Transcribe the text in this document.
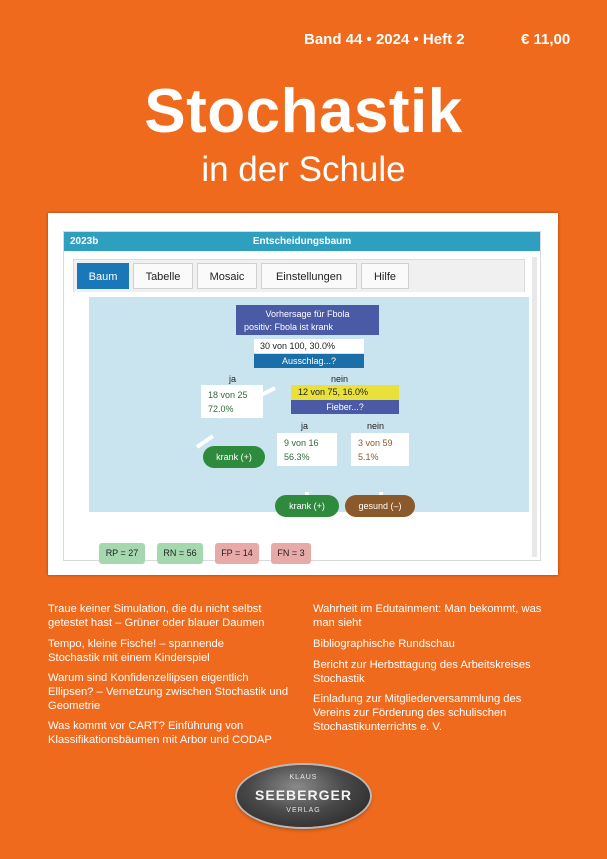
Band 44 • 2024 • Heft 2	€ 11,00
Stochastik
in der Schule
2023b	Entscheidungsbaum
Baum	Tabelle	Mosaic	Einstellungen	Hilfe
Vorhersage für Fbola
positiv: Fbola ist krank
30 von 100, 30.0%
Ausschlag...?
ja	nein
18 von 25
72.0%
krank (+)
12 von 75, 16.0%
Fieber...?
ja	nein
9 von 16
56.3%
krank (+)
3 von 59
5.1%
gesund (–)
RP = 27	RN = 56	FP = 14	FN = 3
Traue keiner Simulation, die du nicht selbst getestet hast – Grüner oder blauer Daumen
Tempo, kleine Fische! – spannende Stochastik mit einem Kinderspiel
Warum sind Konfidenzellipsen eigentlich Ellipsen? – Vernetzung zwischen Stochastik und Geometrie
Was kommt vor CART? Einführung von Klassifikationsbäumen mit Arbor und CODAP
Wahrheit im Edutainment: Man bekommt, was man sieht
Bibliographische Rundschau
Bericht zur Herbsttagung des Arbeitskreises Stochastik
Einladung zur Mitgliederversammlung des Vereins zur Förderung des schulischen Stochastikunterrichts e. V.
KLAUS
SEEBERGER
VERLAG
